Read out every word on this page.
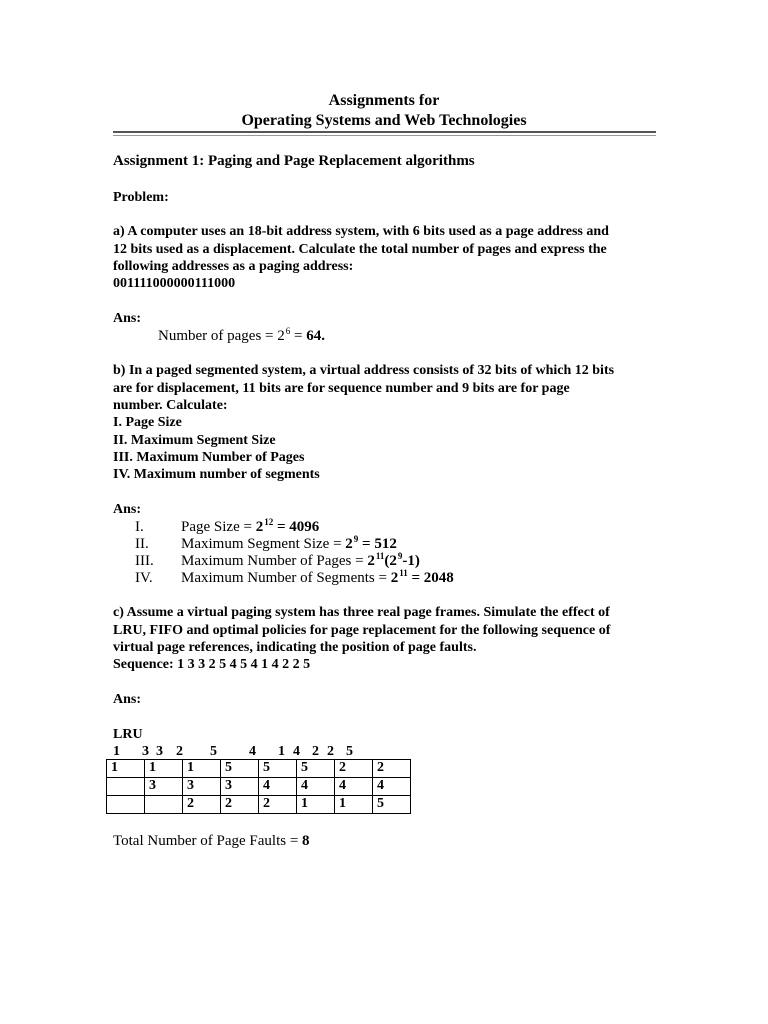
Assignments for
Operating Systems and Web Technologies
Assignment 1: Paging and Page Replacement algorithms
Problem:
a) A computer uses an 18-bit address system, with 6 bits used as a page address and
12 bits used as a displacement. Calculate the total number of pages and express the
following addresses as a paging address:
001111000000111000
Ans:
Number of pages = $2^6 = 64$.
b) In a paged segmented system, a virtual address consists of 32 bits of which 12 bits
are for displacement, 11 bits are for sequence number and 9 bits are for page
number. Calculate:
I. Page Size
II. Maximum Segment Size
III. Maximum Number of Pages
IV. Maximum number of segments
Ans:
I. Page Size = $2^{12} = 4096$
II. Maximum Segment Size = $2^9 = 512$
III. Maximum Number of Pages = $2^{11}(2^9-1)$
IV. Maximum Number of Segments = $2^{11} = 2048$
c) Assume a virtual paging system has three real page frames. Simulate the effect of
LRU, FIFO and optimal policies for page replacement for the following sequence of
virtual page references, indicating the position of page faults.
Sequence: 1 3 3 2 5 4 5 4 1 4 2 2 5
Ans:
LRU
1 3 3 2 5 4 1 4 2 2 5
1	1	1	5	5	5	2	2
	3	3	3	4	4	4	4
		2	2	2	1	1	5
Total Number of Page Faults = 8
